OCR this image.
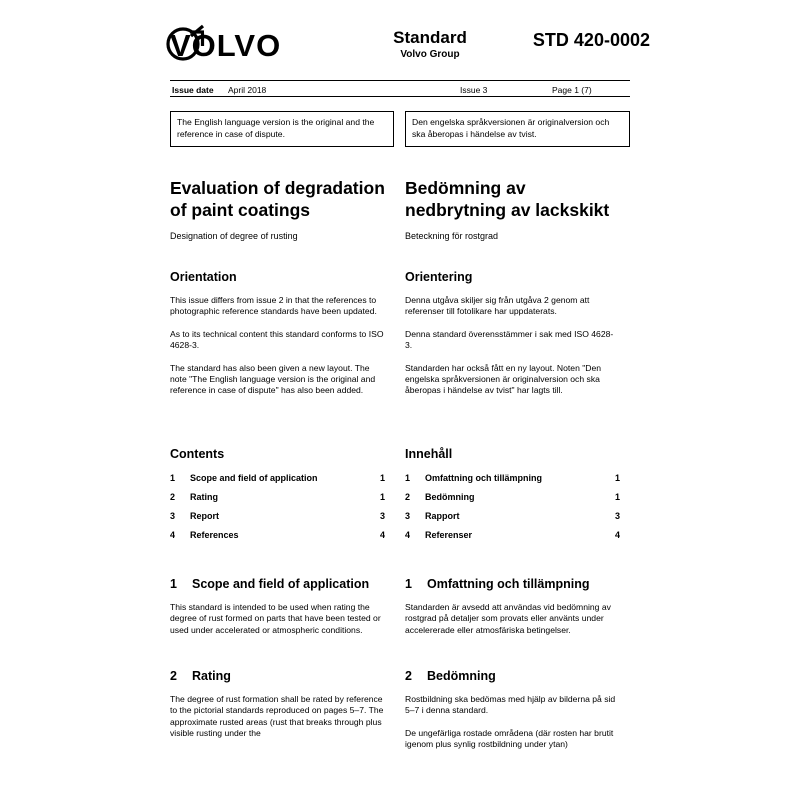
VOLVO	Standard
Volvo Group
STD 420-0002
Issue date April 2018	Issue 3	Page 1 (7)
The English language version is the original and the reference in case of dispute.
Den engelska språkversionen är originalversion och ska åberopas i händelse av tvist.
Evaluation of degradation of paint coatings
Designation of degree of rusting
Orientation

This issue differs from issue 2 in that the references to photographic reference standards have been updated.

As to its technical content this standard conforms to ISO 4628-3.

The standard has also been given a new layout. The note "The English language version is the original and reference in case of dispute" has also been added.

Contents
1 Scope and field of application	1
2 Rating	1
3 Report	3
4 References	4
1 Scope and field of application

This standard is intended to be used when rating the degree of rust formed on parts that have been tested or used under accelerated or atmospheric conditions.

2 Rating

The degree of rust formation shall be rated by reference to the pictorial standards reproduced on pages 5–7. The approximate rusted areas (rust that breaks through plus visible rusting under the

Bedömning av nedbrytning av lackskikt
Beteckning för rostgrad
Orientering

Denna utgåva skiljer sig från utgåva 2 genom att referenser till fotolikare har uppdaterats.

Denna standard överensstämmer i sak med ISO 4628-3.

Standarden har också fått en ny layout. Noten "Den engelska språkversionen är originalversion och ska åberopas i händelse av tvist" har lagts till.

Innehåll
1 Omfattning och tillämpning	1
2 Bedömning	1
3 Rapport	3
4 Referenser	4
1 Omfattning och tillämpning

Standarden är avsedd att användas vid bedömning av rostgrad på detaljer som provats eller använts under accelererade eller atmosfäriska betingelser.

2 Bedömning

Rostbildning ska bedömas med hjälp av bilderna på sid 5–7 i denna standard.

De ungefärliga rostade områdena (där rosten har brutit igenom plus synlig rostbildning under ytan)
